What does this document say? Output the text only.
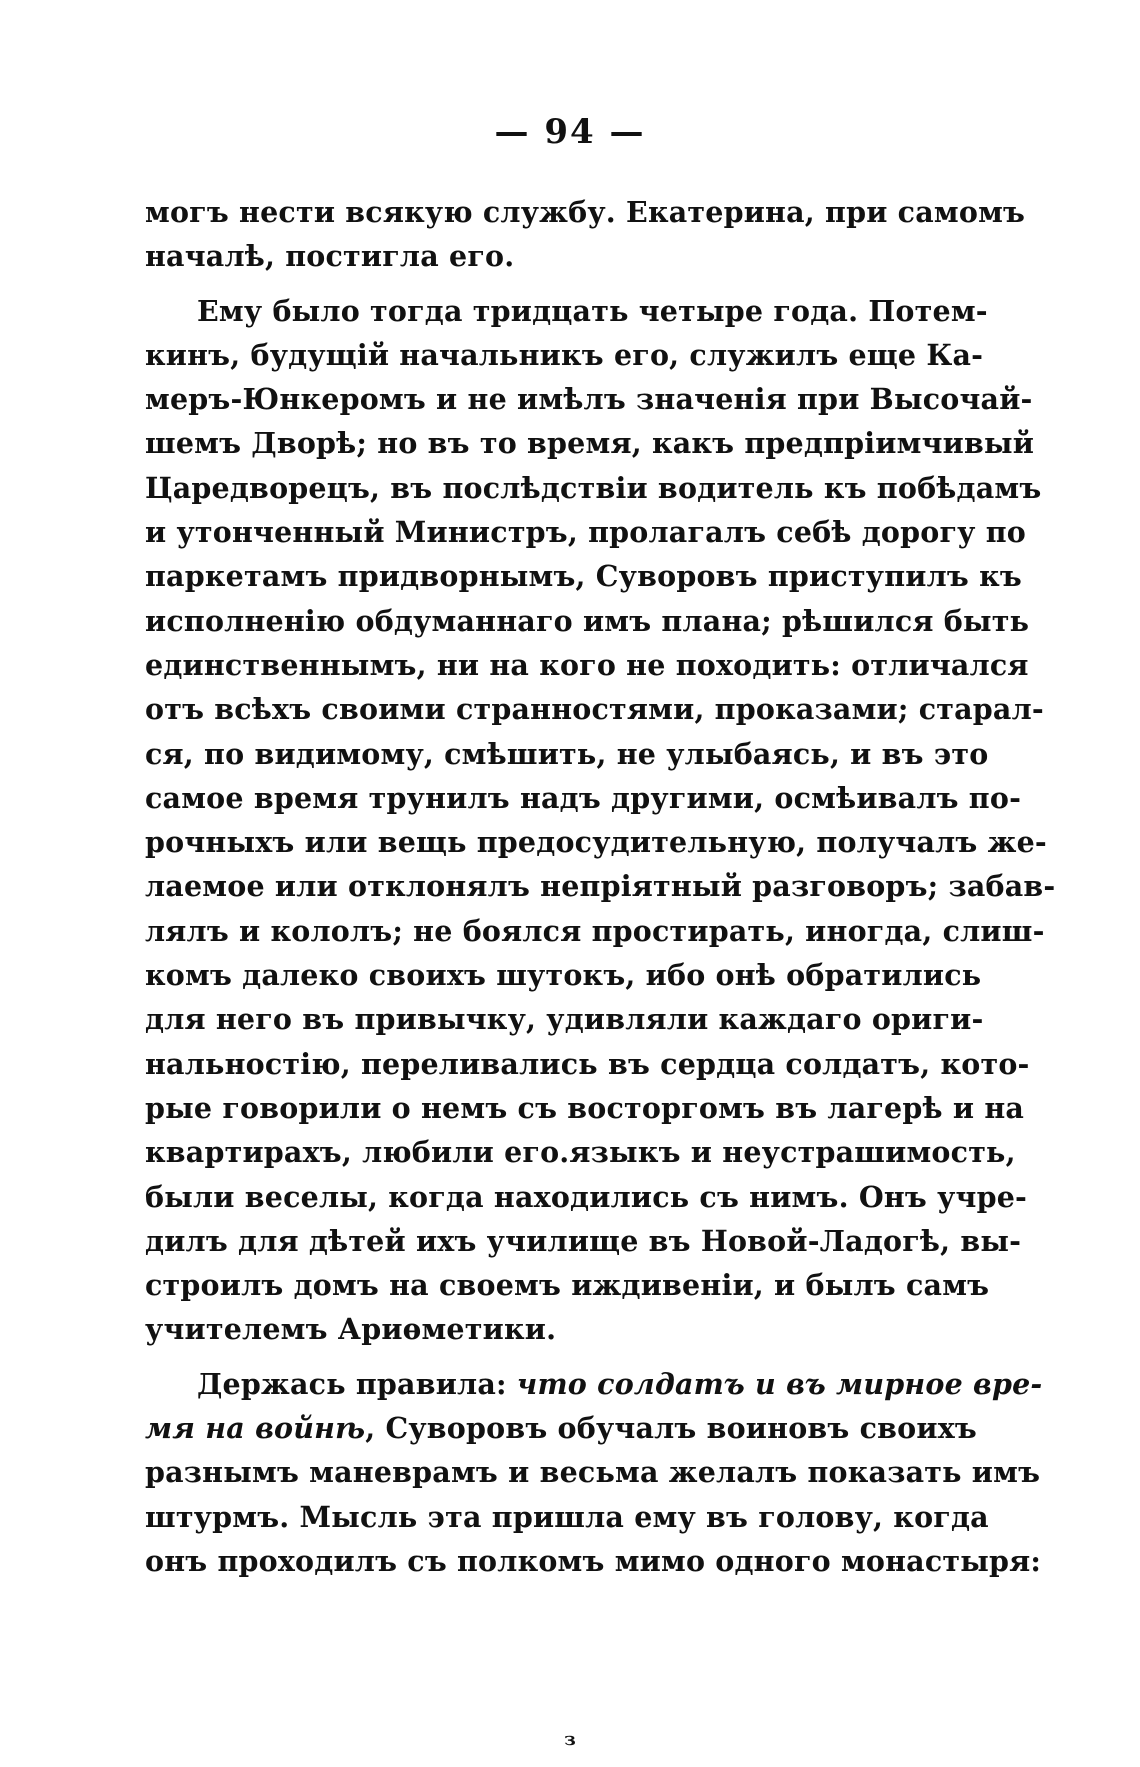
— 94 —
могъ нести всякую службу. Екатерина, при самомъ
началѣ, постигла его.
Ему было тогда тридцать четыре года. Потем-
кинъ, будущій начальникъ его, служилъ еще Ка-
меръ-Юнкеромъ и не имѣлъ значенія при Высочай-
шемъ Дворѣ; но въ то время, какъ предпріимчивый
Царедворецъ, въ послѣдствіи водитель къ побѣдамъ
и утонченный Министръ, пролагалъ себѣ дорогу по
паркетамъ придворнымъ, Суворовъ приступилъ къ
исполненію обдуманнаго имъ плана; рѣшился быть
единственнымъ, ни на кого не походить: отличался
отъ всѣхъ своими странностями, проказами; старал-
ся, по видимому, смѣшить, не улыбаясь, и въ это
самое время трунилъ надъ другими, осмѣивалъ по-
рочныхъ или вещь предосудительную, получалъ же-
лаемое или отклонялъ непріятный разговоръ; забав-
лялъ и кололъ; не боялся простирать, иногда, слиш-
комъ далеко своихъ шутокъ, ибо онѣ обратились
для него въ привычку, удивляли каждаго ориги-
нальностію, переливались въ сердца солдатъ, кото-
рые говорили о немъ съ восторгомъ въ лагерѣ и на
квартирахъ, любили его.языкъ и неустрашимость,
были веселы, когда находились съ нимъ. Онъ учре-
дилъ для дѣтей ихъ училище въ Новой-Ладогѣ, вы-
строилъ домъ на своемъ иждивеніи, и былъ самъ
учителемъ Ариѳметики.
Держась правила: что солдатъ и въ мирное вре-
мя на войнѣ, Суворовъ обучалъ воиновъ своихъ
разнымъ маневрамъ и весьма желалъ показать имъ
штурмъ. Мысль эта пришла ему въ голову, когда
онъ проходилъ съ полкомъ мимо одного монастыря:
з
